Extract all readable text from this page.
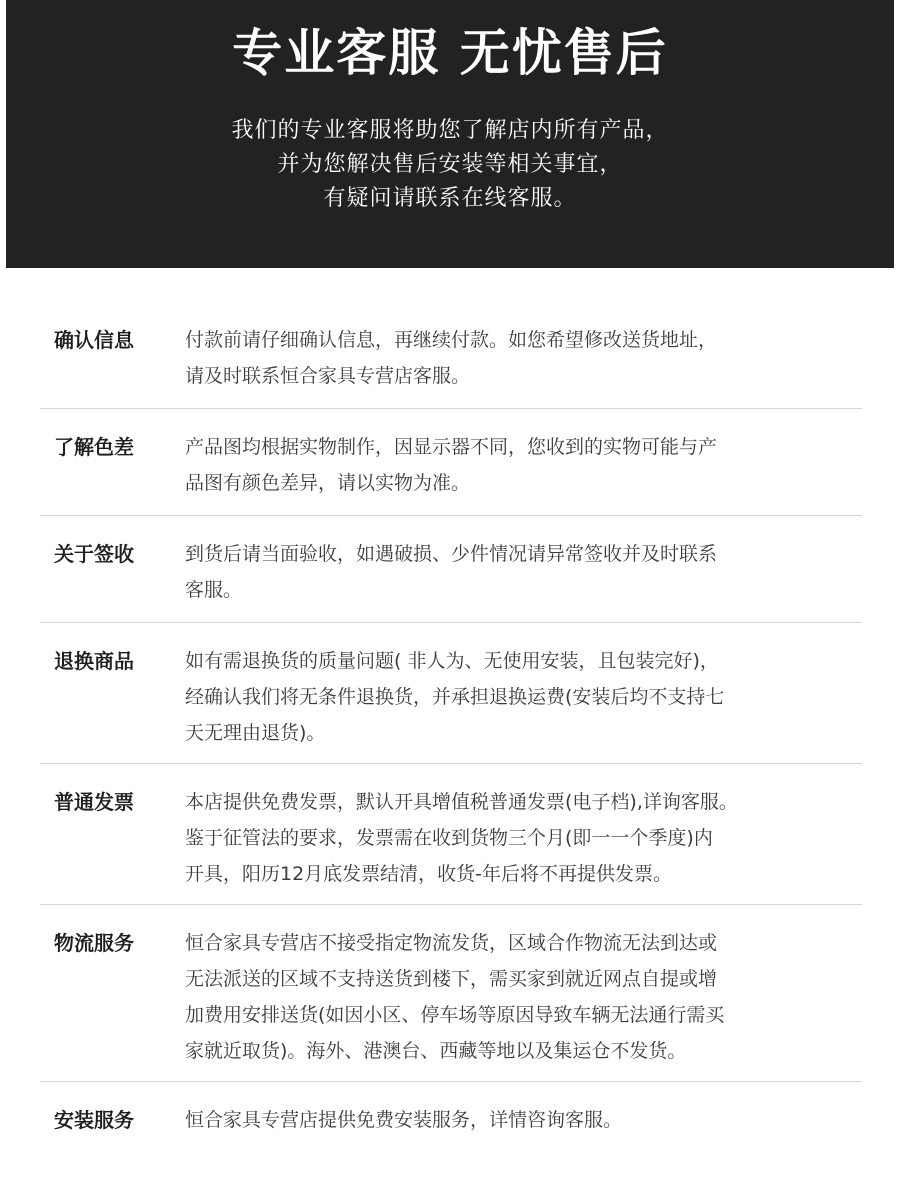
专业客服 无忧售后
我们的专业客服将助您了解店内所有产品，
并为您解决售后安装等相关事宜，
有疑问请联系在线客服。
确认信息	付款前请仔细确认信息，再继续付款。如您希望修改送货地址，
请及时联系恒合家具专营店客服。
了解色差	产品图均根据实物制作，因显示器不同，您收到的实物可能与产
品图有颜色差异，请以实物为准。
关于签收	到货后请当面验收，如遇破损、少件情况请异常签收并及时联系
客服。
退换商品	如有需退换货的质量问题( 非人为、无使用安装，且包装完好)，
经确认我们将无条件退换货，并承担退换运费(安装后均不支持七
天无理由退货)。
普通发票	本店提供免费发票，默认开具增值税普通发票(电子档),详询客服。
鉴于征管法的要求，发票需在收到货物三个月(即一一个季度)内
开具，阳历12月底发票结清，收货-年后将不再提供发票。
物流服务	恒合家具专营店不接受指定物流发货，区域合作物流无法到达或
无法派送的区域不支持送货到楼下，需买家到就近网点自提或增
加费用安排送货(如因小区、停车场等原因导致车辆无法通行需买
家就近取货)。海外、港澳台、西藏等地以及集运仓不发货。
安装服务	恒合家具专营店提供免费安装服务，详情咨询客服。
